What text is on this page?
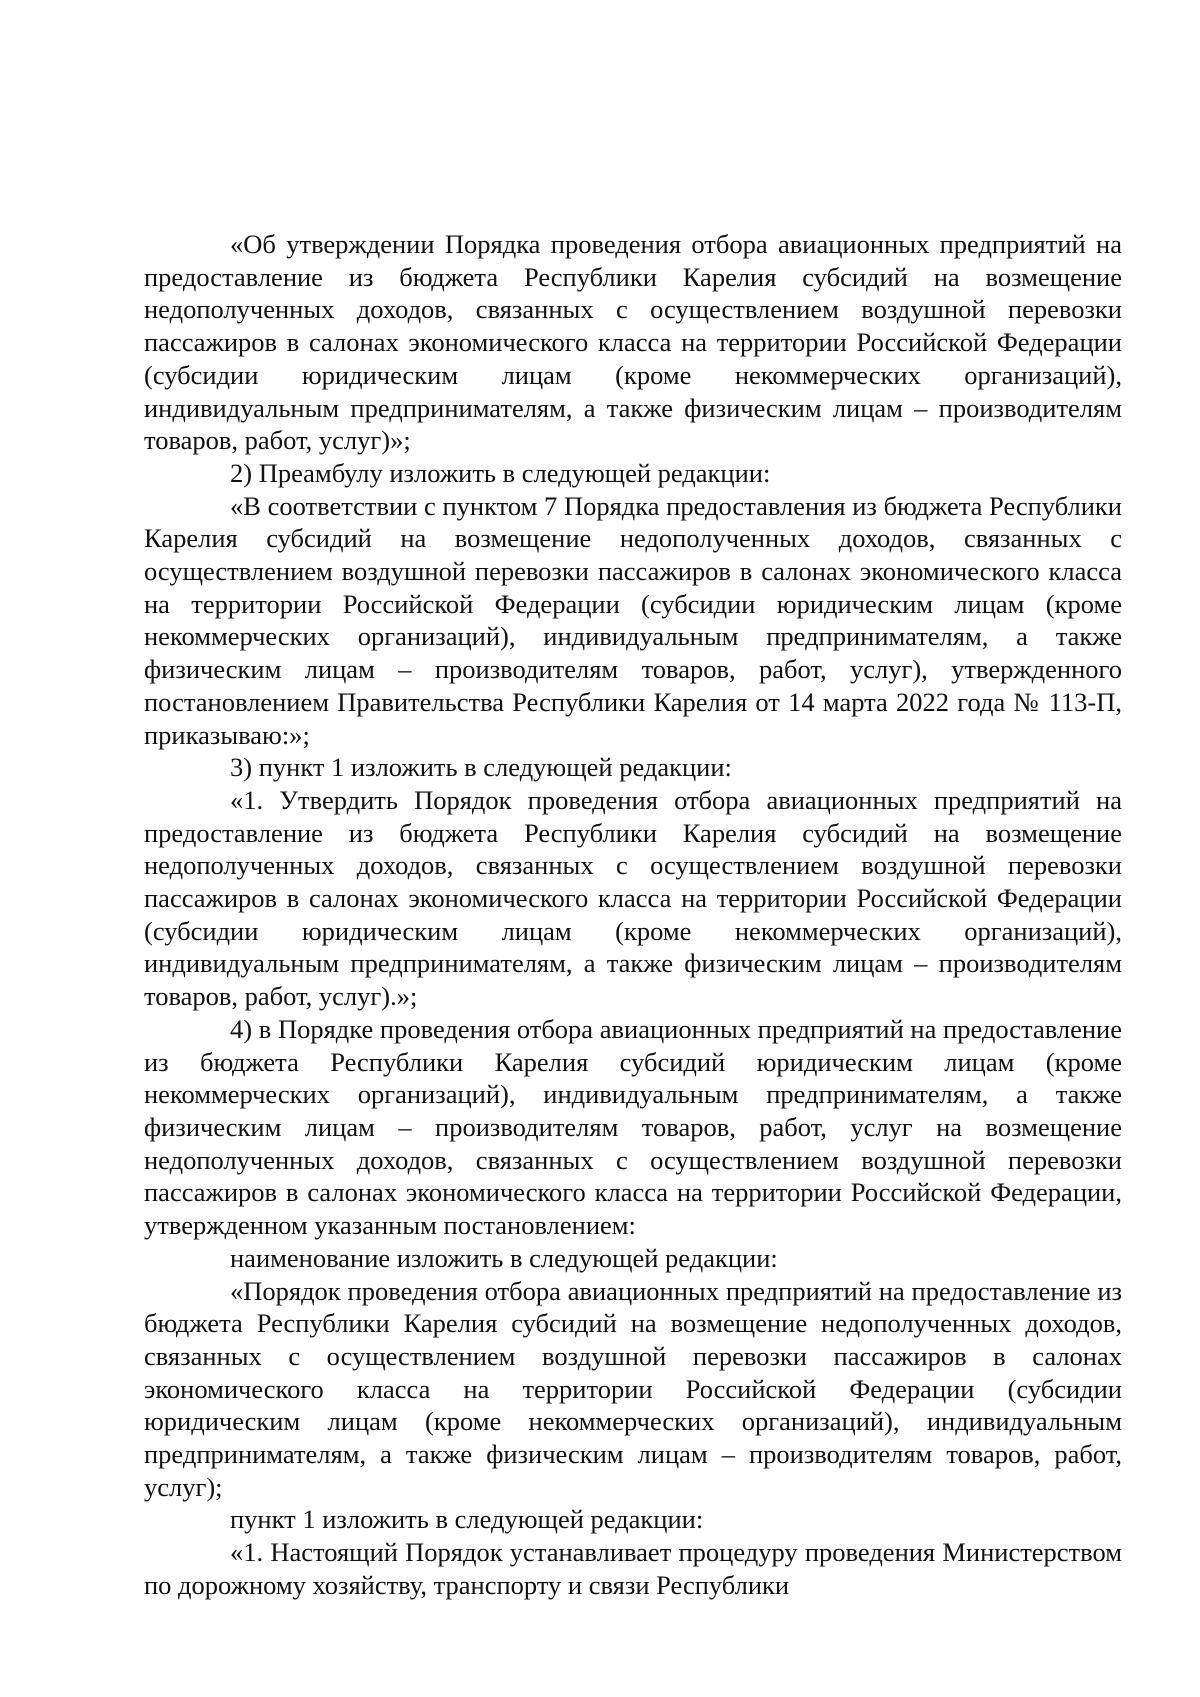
«Об утверждении Порядка проведения отбора авиационных предприятий на предоставление из бюджета Республики Карелия субсидий на возмещение недополученных доходов, связанных с осуществлением воздушной перевозки пассажиров в салонах экономического класса на территории Российской Федерации (субсидии юридическим лицам (кроме некоммерческих организаций), индивидуальным предпринимателям, а также физическим лицам – производителям товаров, работ, услуг)»;

2) Преамбулу изложить в следующей редакции:

«В соответствии с пунктом 7 Порядка предоставления из бюджета Республики Карелия субсидий на возмещение недополученных доходов, связанных с осуществлением воздушной перевозки пассажиров в салонах экономического класса на территории Российской Федерации (субсидии юридическим лицам (кроме некоммерческих организаций), индивидуальным предпринимателям, а также физическим лицам – производителям товаров, работ, услуг), утвержденного постановлением Правительства Республики Карелия от 14 марта 2022 года № 113-П, приказываю:»;

3) пункт 1 изложить в следующей редакции:

«1. Утвердить Порядок проведения отбора авиационных предприятий на предоставление из бюджета Республики Карелия субсидий на возмещение недополученных доходов, связанных с осуществлением воздушной перевозки пассажиров в салонах экономического класса на территории Российской Федерации (субсидии юридическим лицам (кроме некоммерческих организаций), индивидуальным предпринимателям, а также физическим лицам – производителям товаров, работ, услуг).»;

4) в Порядке проведения отбора авиационных предприятий на предоставление из бюджета Республики Карелия субсидий юридическим лицам (кроме некоммерческих организаций), индивидуальным предпринимателям, а также физическим лицам – производителям товаров, работ, услуг на возмещение недополученных доходов, связанных с осуществлением воздушной перевозки пассажиров в салонах экономического класса на территории Российской Федерации, утвержденном указанным постановлением:

наименование изложить в следующей редакции:

«Порядок проведения отбора авиационных предприятий на предоставление из бюджета Республики Карелия субсидий на возмещение недополученных доходов, связанных с осуществлением воздушной перевозки пассажиров в салонах экономического класса на территории Российской Федерации (субсидии юридическим лицам (кроме некоммерческих организаций), индивидуальным предпринимателям, а также физическим лицам – производителям товаров, работ, услуг);

пункт 1 изложить в следующей редакции:

«1. Настоящий Порядок устанавливает процедуру проведения Министерством по дорожному хозяйству, транспорту и связи Республики
